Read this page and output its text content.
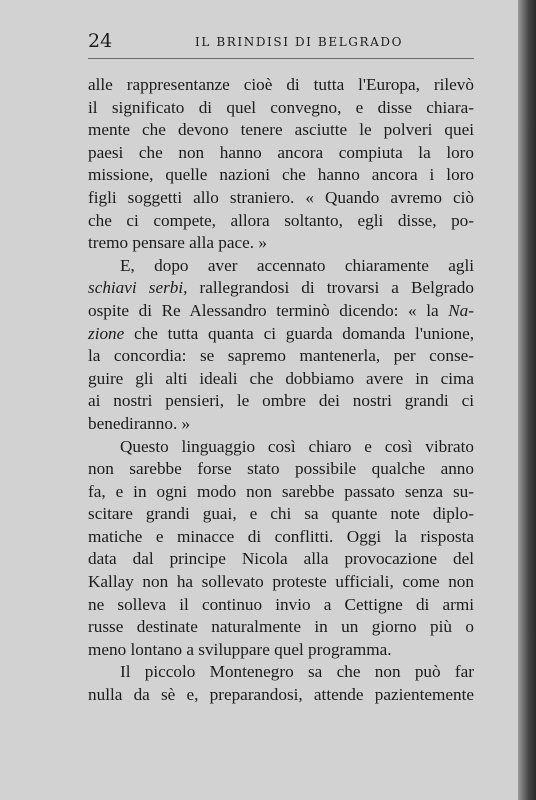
24	IL BRINDISI DI BELGRADO
alle rappresentanze cioè di tutta l'Europa, rilevò
il significato di quel convegno, e disse chiara-
mente che devono tenere asciutte le polveri quei
paesi che non hanno ancora compiuta la loro
missione, quelle nazioni che hanno ancora i loro
figli soggetti allo straniero. « Quando avremo ciò
che ci compete, allora soltanto, egli disse, po-
tremo pensare alla pace. »
E, dopo aver accennato chiaramente agli
schiavi serbi, rallegrandosi di trovarsi a Belgrado
ospite di Re Alessandro terminò dicendo: « la Na-
zione che tutta quanta ci guarda domanda l'unione,
la concordia: se sapremo mantenerla, per conse-
guire gli alti ideali che dobbiamo avere in cima
ai nostri pensieri, le ombre dei nostri grandi ci
benediranno. »
Questo linguaggio così chiaro e così vibrato
non sarebbe forse stato possibile qualche anno
fa, e in ogni modo non sarebbe passato senza su-
scitare grandi guai, e chi sa quante note diplo-
matiche e minacce di conflitti. Oggi la risposta
data dal principe Nicola alla provocazione del
Kallay non ha sollevato proteste ufficiali, come non
ne solleva il continuo invio a Cettigne di armi
russe destinate naturalmente in un giorno più o
meno lontano a sviluppare quel programma.
Il piccolo Montenegro sa che non può far
nulla da sè e, preparandosi, attende pazientemente
